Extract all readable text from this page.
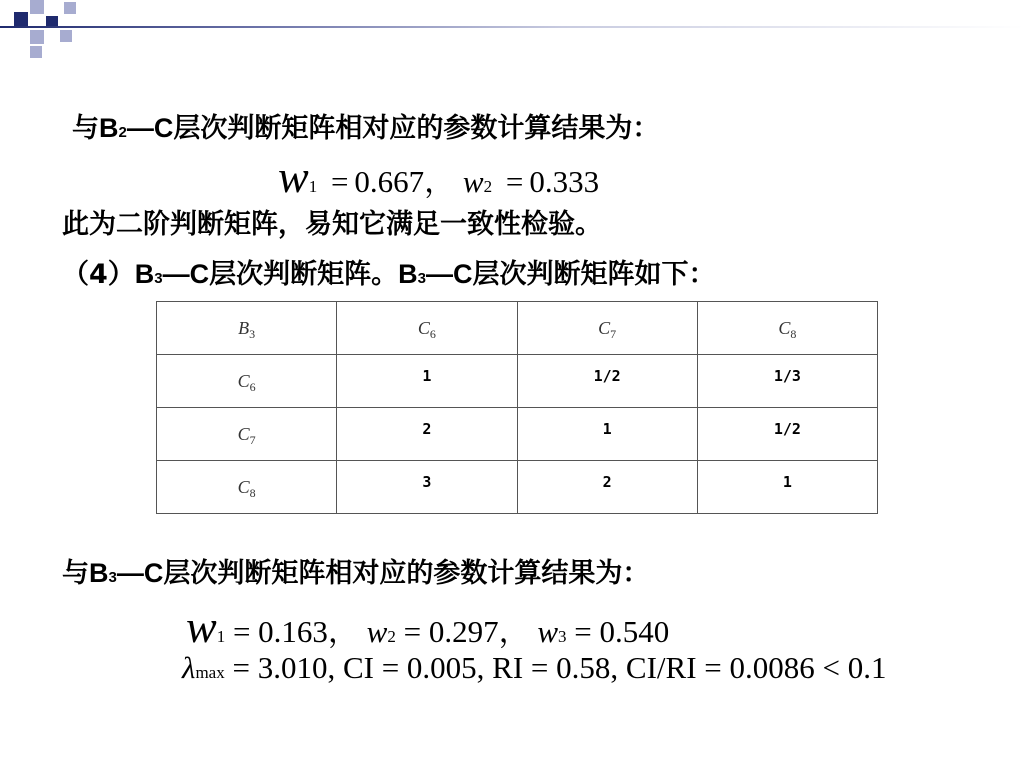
与B2—C层次判断矩阵相对应的参数计算结果为：
w1 = 0.667， w2 = 0.333
此为二阶判断矩阵，易知它满足一致性检验。
（4）B3—C层次判断矩阵。B3—C层次判断矩阵如下：
$B_3$	$C_6$	$C_7$	$C_8$
$C_6$	1	1/2	1/3
$C_7$	2	1	1/2
$C_8$	3	2	1
与B3—C层次判断矩阵相对应的参数计算结果为：
w1 = 0.163， w2 = 0.297， w3 = 0.540
λmax = 3.010, CI = 0.005, RI = 0.58, CI/RI = 0.0086 < 0.1
